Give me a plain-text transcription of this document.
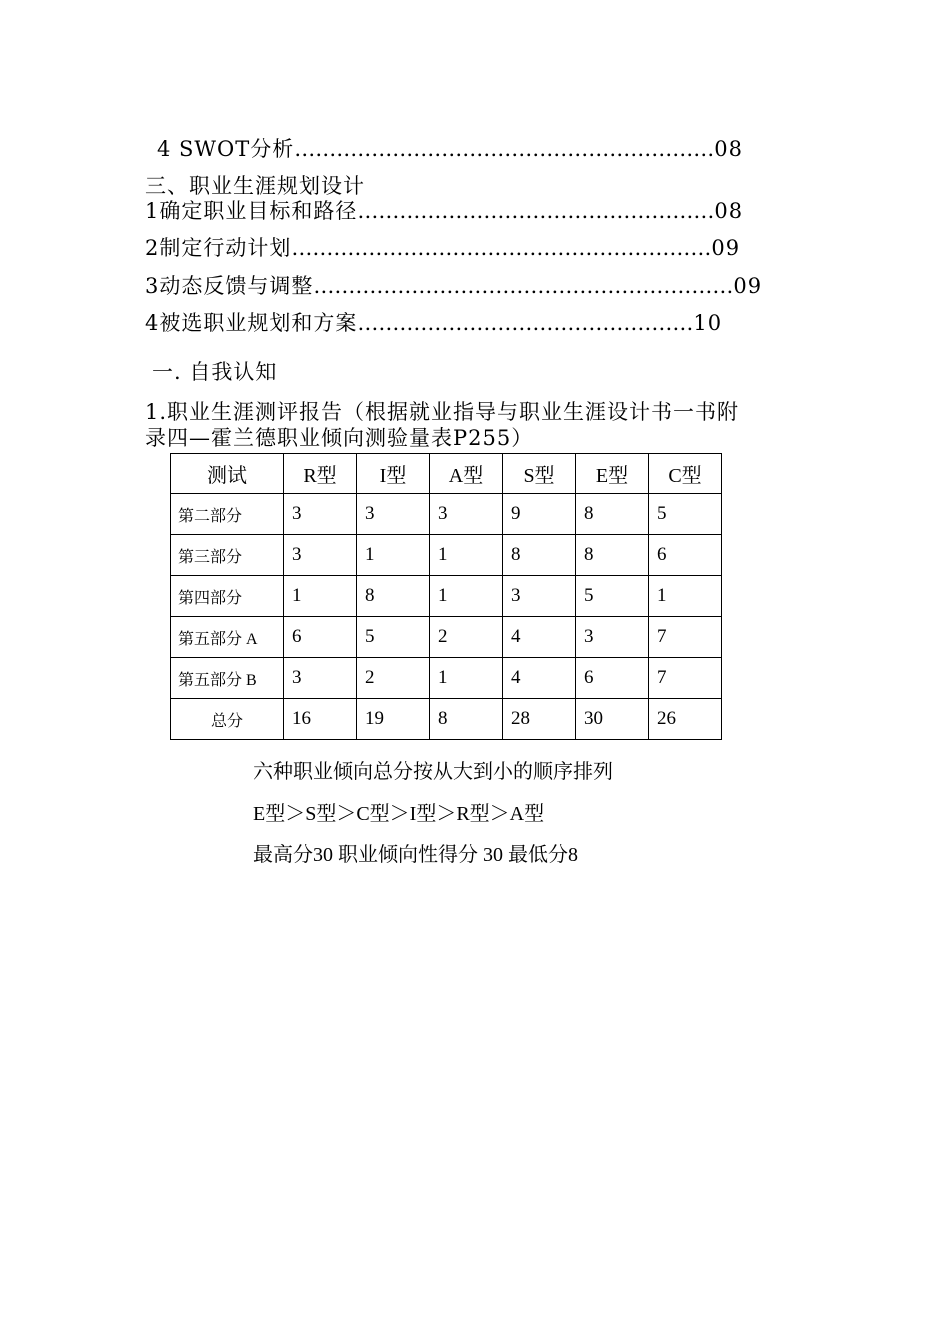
4 SWOT分析……………………………………………………08
三、职业生涯规划设计
1确定职业目标和路径……………………………………………08
2制定行动计划……………………………………………………09
3动态反馈与调整……………………………………………………09
4被选职业规划和方案…………………………………………10
一. 自我认知
1.职业生涯测评报告（根据就业指导与职业生涯设计书一书附
录四—霍兰德职业倾向测验量表P255）
测试	R型	I型	A型	S型	E型	C型
第二部分	3	3	3	9	8	5
第三部分	3	1	1	8	8	6
第四部分	1	8	1	3	5	1
第五部分 A	6	5	2	4	3	7
第五部分 B	3	2	1	4	6	7
总分	16	19	8	28	30	26
六种职业倾向总分按从大到小的顺序排列
E型＞S型＞C型＞I型＞R型＞A型
最高分30 职业倾向性得分 30 最低分8
